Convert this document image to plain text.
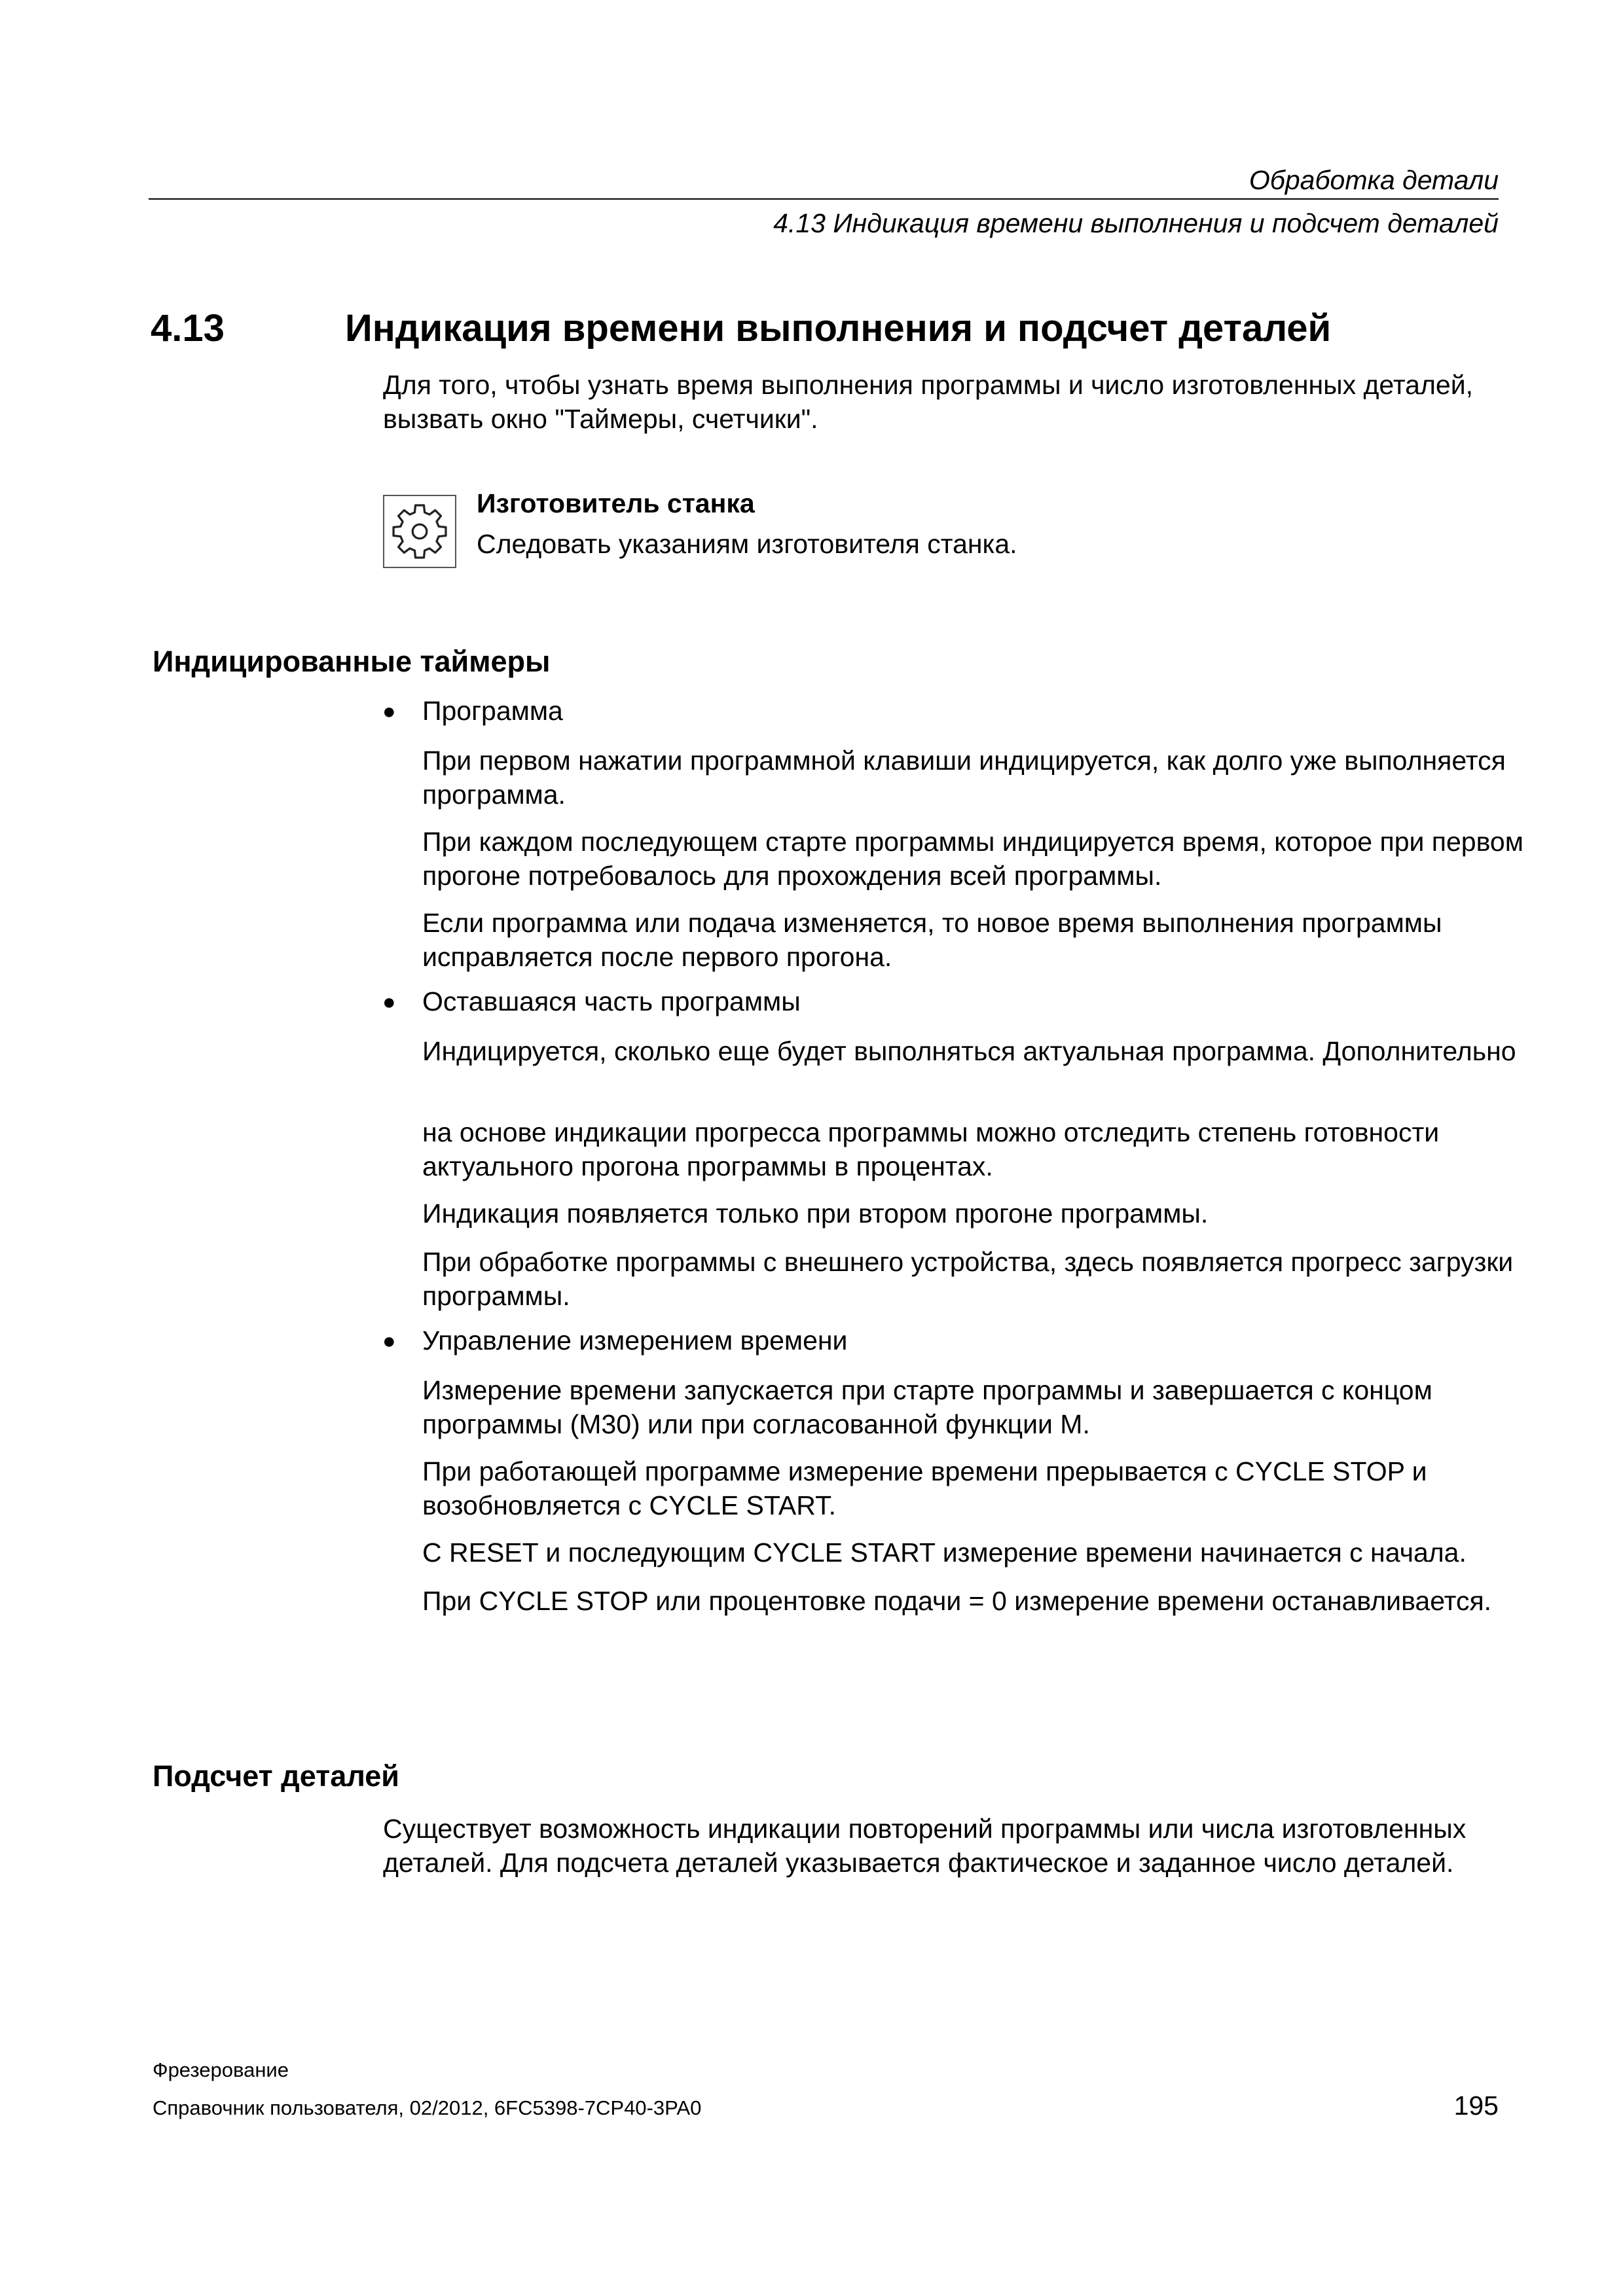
Обработка детали
4.13 Индикация времени выполнения и подсчет деталей
4.13	Индикация времени выполнения и подсчет деталей
Для того, чтобы узнать время выполнения программы и число изготовленных деталей, вызвать окно "Таймеры, счетчики".
Изготовитель станка
Следовать указаниям изготовителя станка.
Индицированные таймеры
● Программа
При первом нажатии программной клавиши индицируется, как долго уже выполняется программа.
При каждом последующем старте программы индицируется время, которое при первом прогоне потребовалось для прохождения всей программы.
Если программа или подача изменяется, то новое время выполнения программы исправляется после первого прогона.
● Оставшаяся часть программы
Индицируется, сколько еще будет выполняться актуальная программа. Дополнительно
на основе индикации прогресса программы можно отследить степень готовности актуального прогона программы в процентах.
Индикация появляется только при втором прогоне программы.
При обработке программы с внешнего устройства, здесь появляется прогресс загрузки программы.
● Управление измерением времени
Измерение времени запускается при старте программы и завершается с концом программы (M30) или при согласованной функции M.
При работающей программе измерение времени прерывается с CYCLE STOP и возобновляется с CYCLE START.
С RESET и последующим CYCLE START измерение времени начинается с начала.
При CYCLE STOP или процентовке подачи = 0 измерение времени останавливается.
Подсчет деталей
Существует возможность индикации повторений программы или числа изготовленных деталей. Для подсчета деталей указывается фактическое и заданное число деталей.
Фрезерование
Справочник пользователя, 02/2012, 6FC5398-7CP40-3PA0	195
